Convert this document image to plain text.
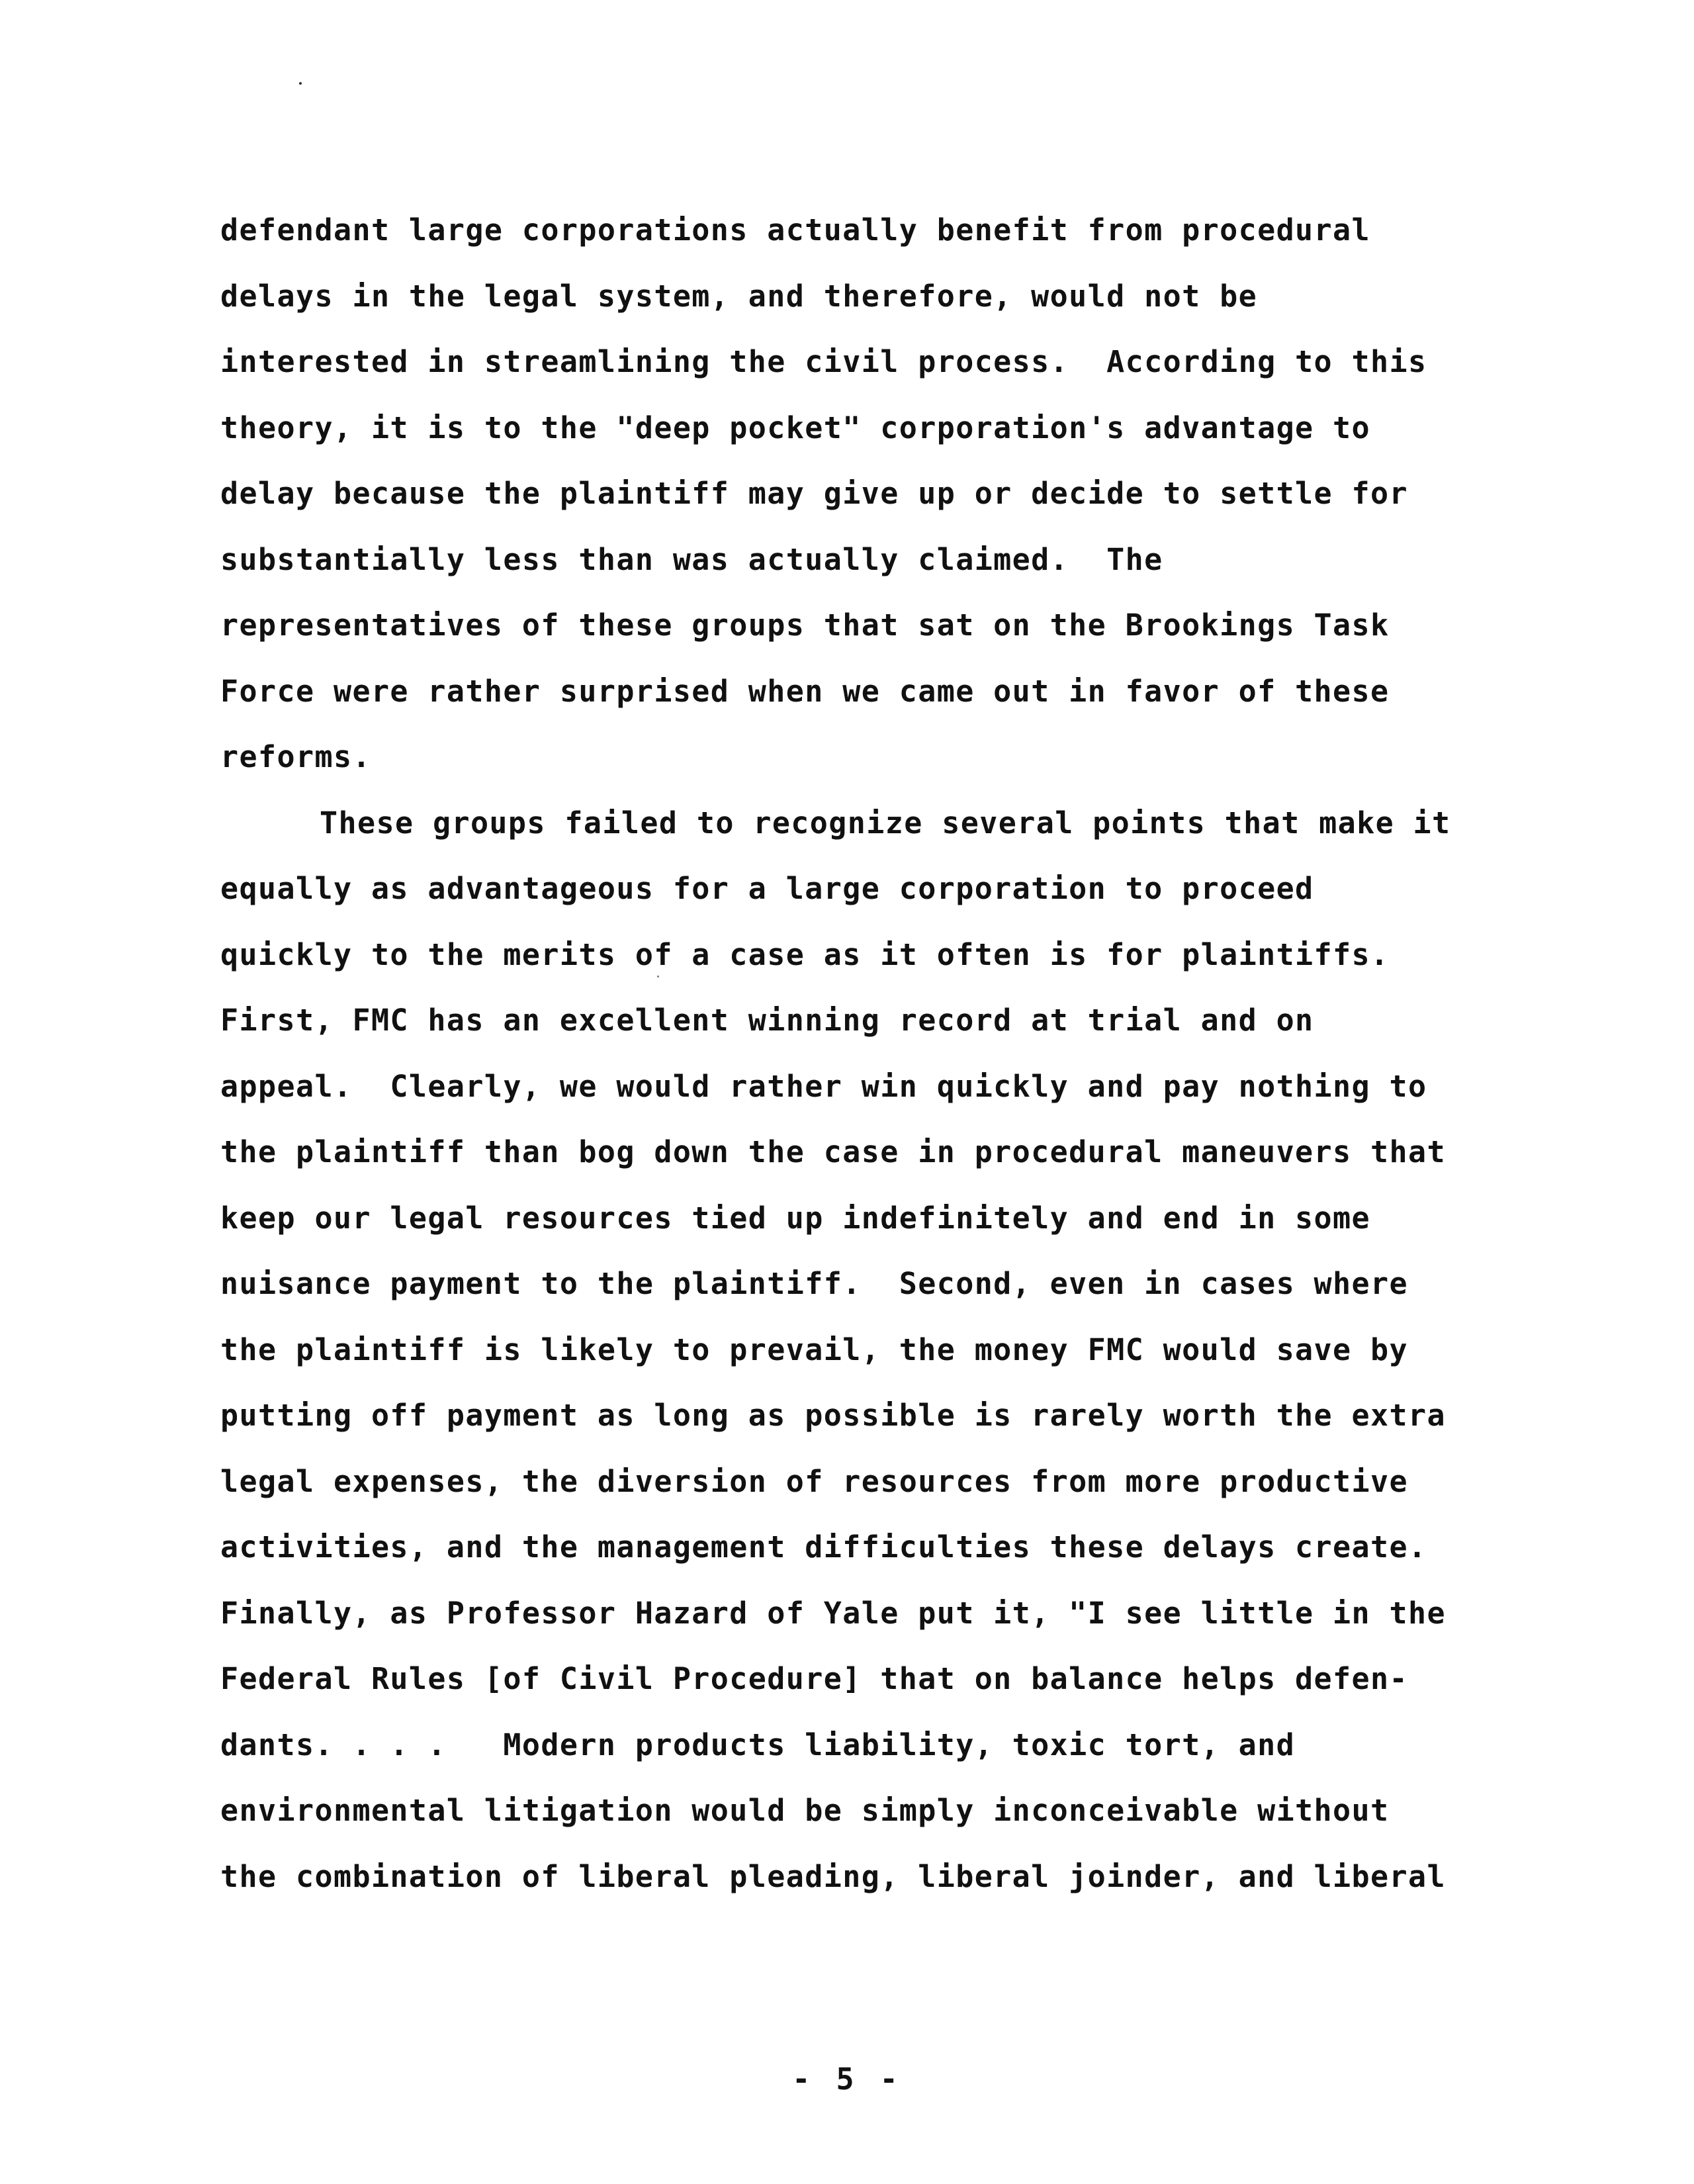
defendant large corporations actually benefit from procedural
delays in the legal system, and therefore, would not be
interested in streamlining the civil process.  According to this
theory, it is to the "deep pocket" corporation's advantage to
delay because the plaintiff may give up or decide to settle for
substantially less than was actually claimed.  The
representatives of these groups that sat on the Brookings Task
Force were rather surprised when we came out in favor of these
reforms.
These groups failed to recognize several points that make it
equally as advantageous for a large corporation to proceed
quickly to the merits of a case as it often is for plaintiffs.
First, FMC has an excellent winning record at trial and on
appeal.  Clearly, we would rather win quickly and pay nothing to
the plaintiff than bog down the case in procedural maneuvers that
keep our legal resources tied up indefinitely and end in some
nuisance payment to the plaintiff.  Second, even in cases where
the plaintiff is likely to prevail, the money FMC would save by
putting off payment as long as possible is rarely worth the extra
legal expenses, the diversion of resources from more productive
activities, and the management difficulties these delays create.
Finally, as Professor Hazard of Yale put it, "I see little in the
Federal Rules [of Civil Procedure] that on balance helps defen-
dants. . . .   Modern products liability, toxic tort, and
environmental litigation would be simply inconceivable without
the combination of liberal pleading, liberal joinder, and liberal
- 5 -
